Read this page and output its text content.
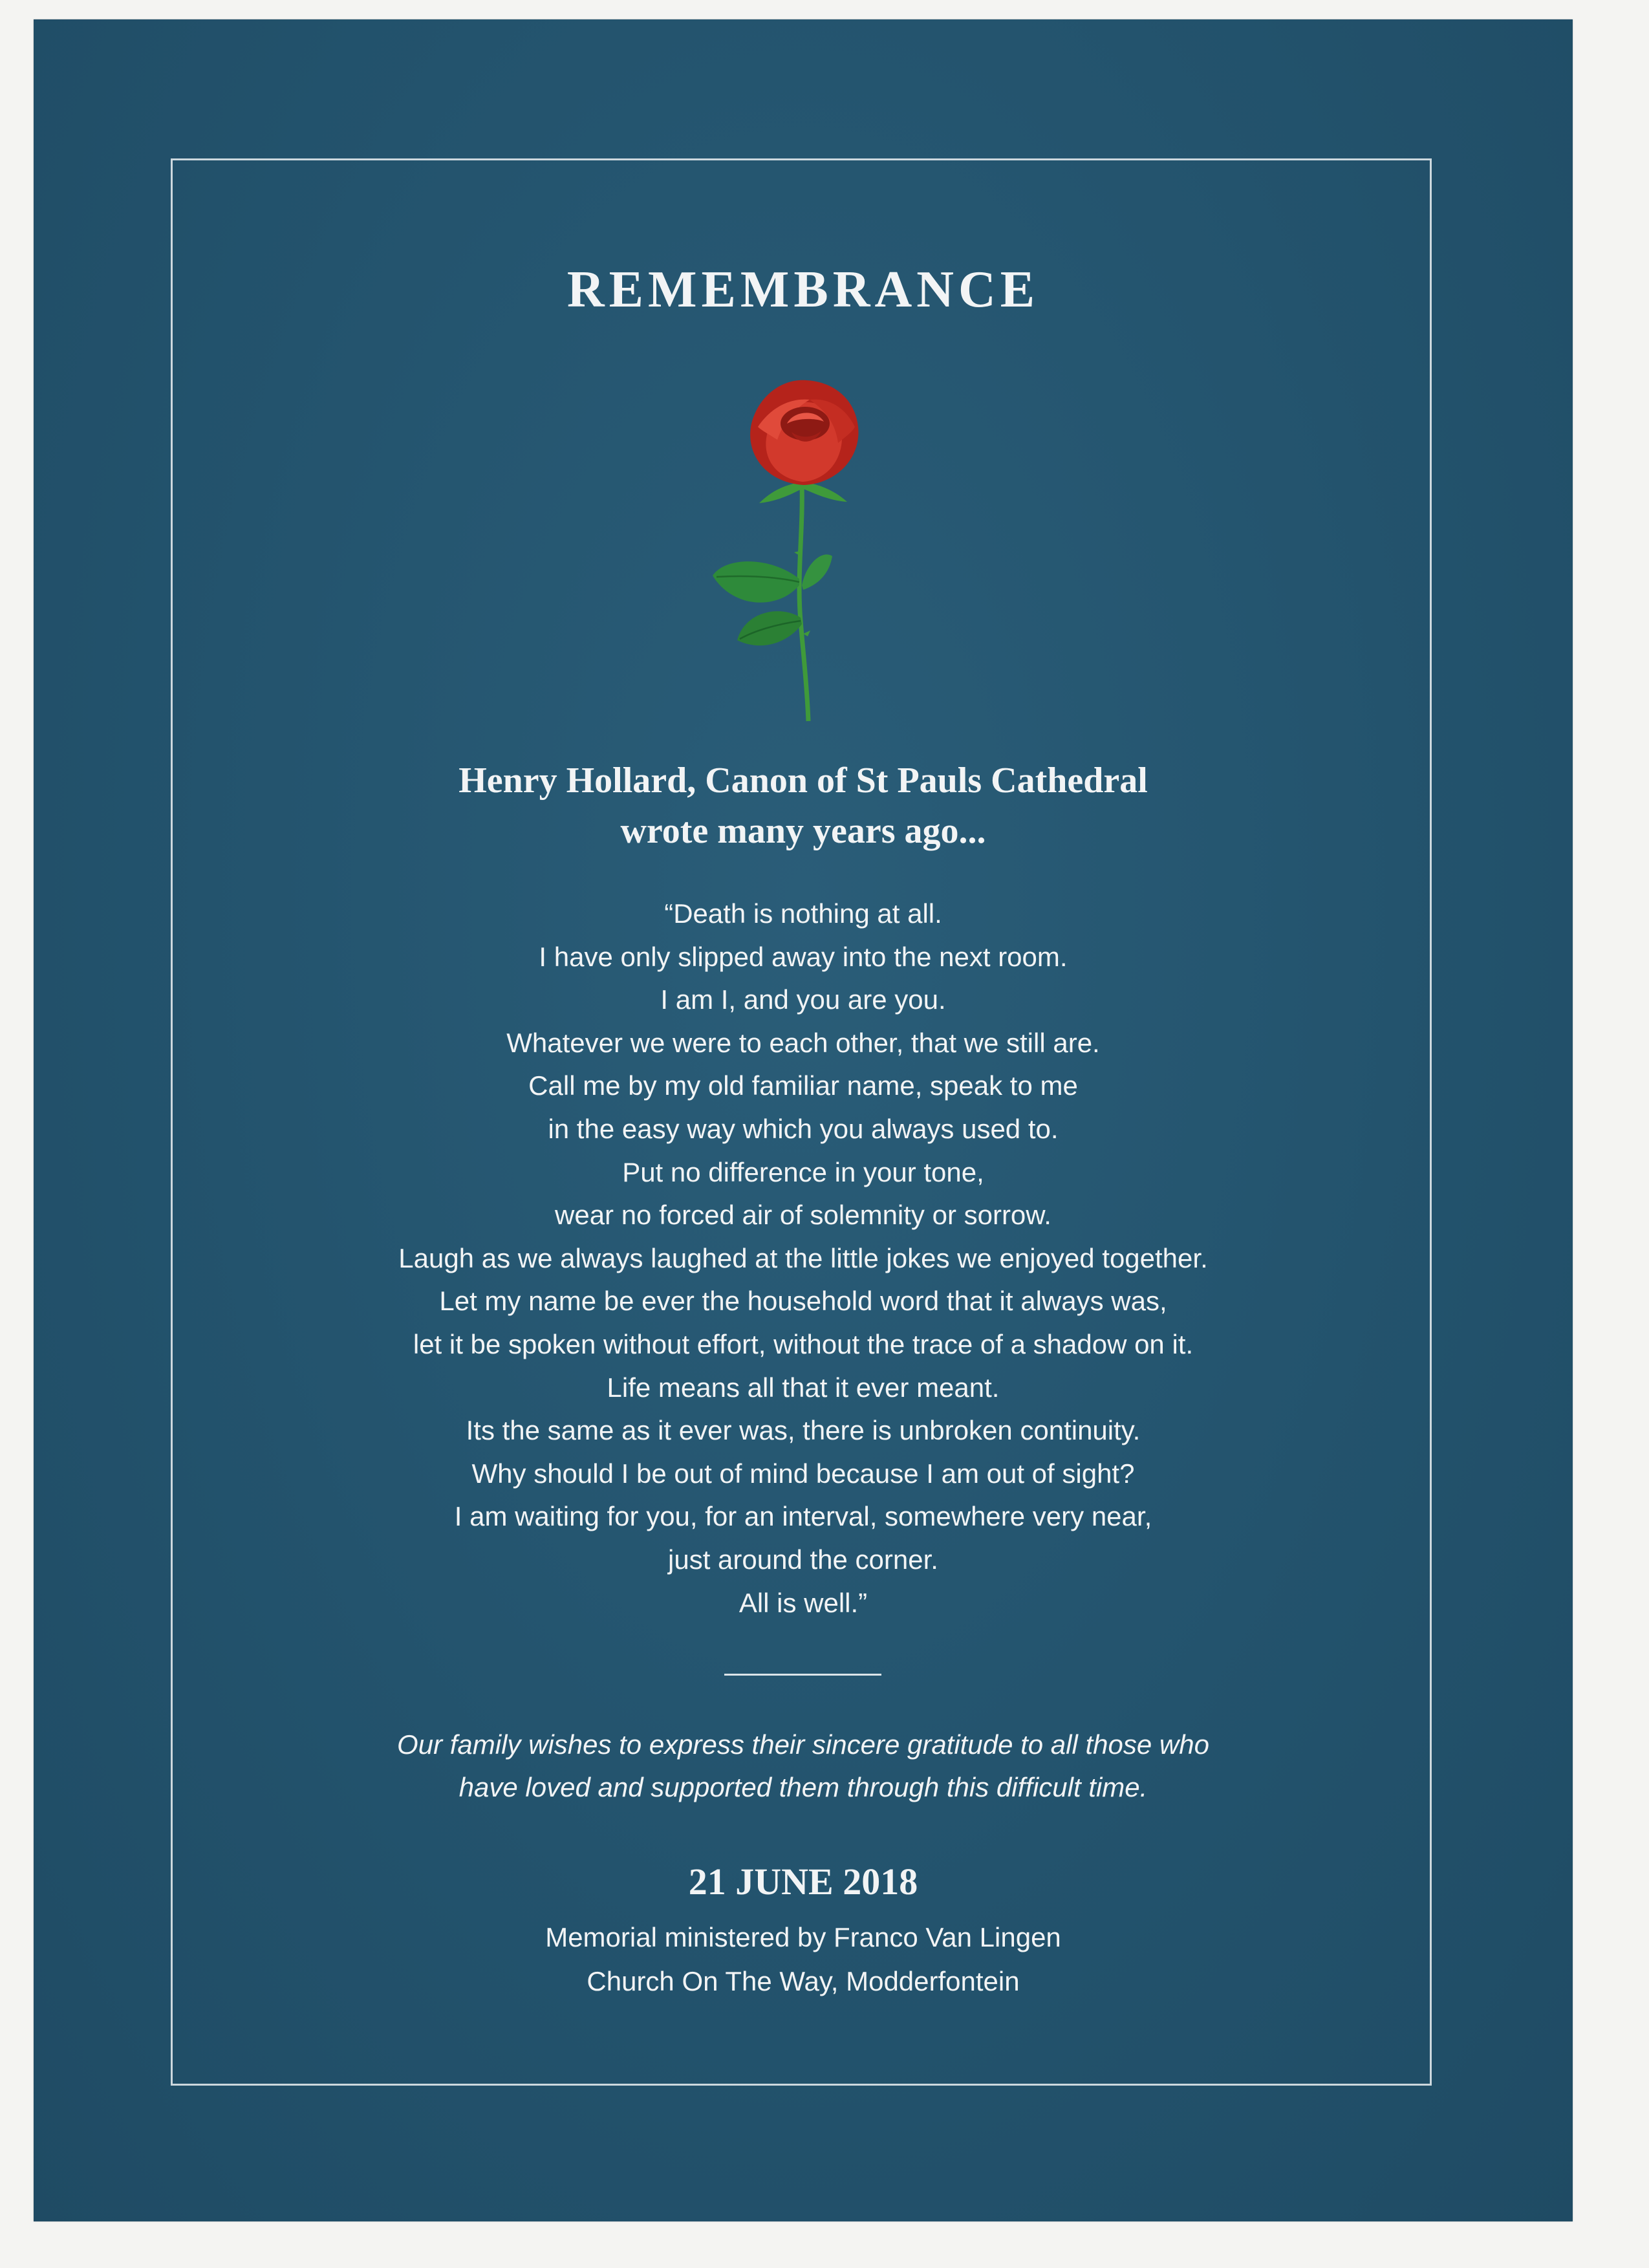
REMEMBRANCE
Henry Hollard, Canon of St Pauls Cathedral
wrote many years ago...
“Death is nothing at all.
I have only slipped away into the next room.
I am I, and you are you.
Whatever we were to each other, that we still are.
Call me by my old familiar name, speak to me
in the easy way which you always used to.
Put no difference in your tone,
wear no forced air of solemnity or sorrow.
Laugh as we always laughed at the little jokes we enjoyed together.
Let my name be ever the household word that it always was,
let it be spoken without effort, without the trace of a shadow on it.
Life means all that it ever meant.
Its the same as it ever was, there is unbroken continuity.
Why should I be out of mind because I am out of sight?
I am waiting for you, for an interval, somewhere very near,
just around the corner.
All is well.”
Our family wishes to express their sincere gratitude to all those who
have loved and supported them through this difficult time.
21 JUNE 2018
Memorial ministered by Franco Van Lingen
Church On The Way, Modderfontein
